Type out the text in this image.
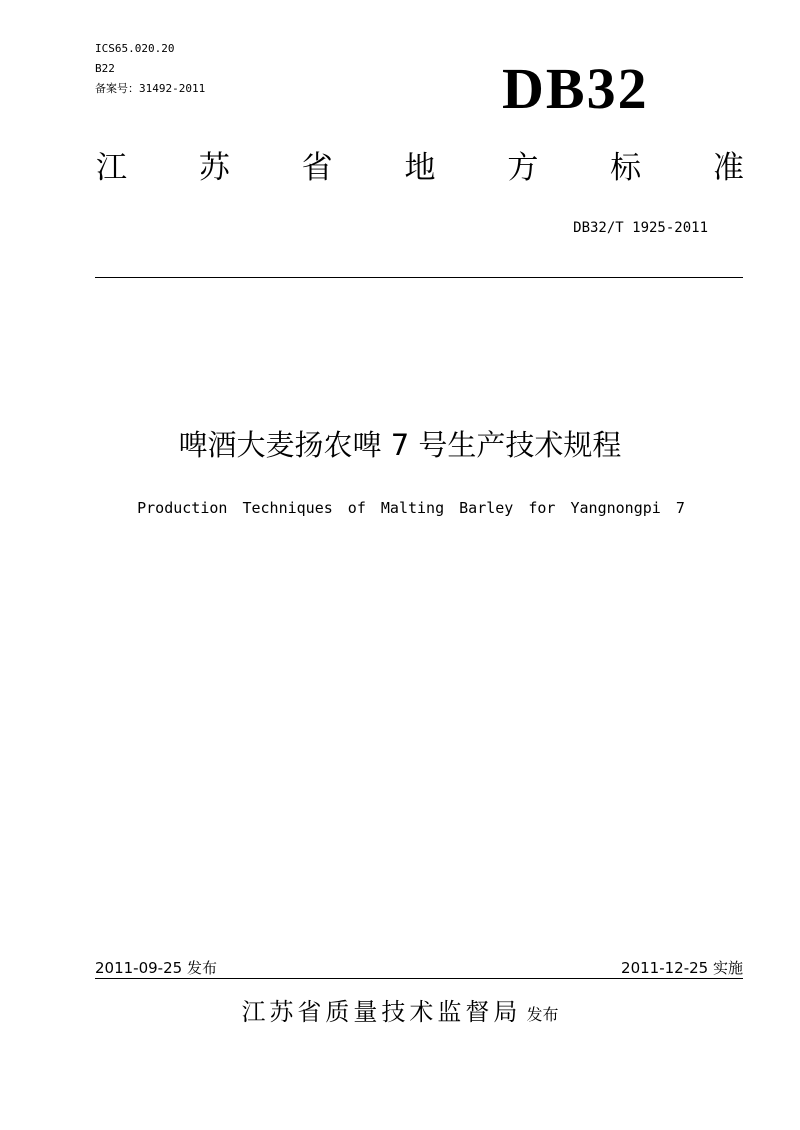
ICS65.020.20
B22
备案号：31492-2011	DB32
江 苏 省 地 方 标 准
DB32/T 1925-2011
啤酒大麦扬农啤 7 号生产技术规程
Production Techniques of Malting Barley for Yangnongpi 7
2011-09-25 发布	2011-12-25 实施
江苏省质量技术监督局 发布
